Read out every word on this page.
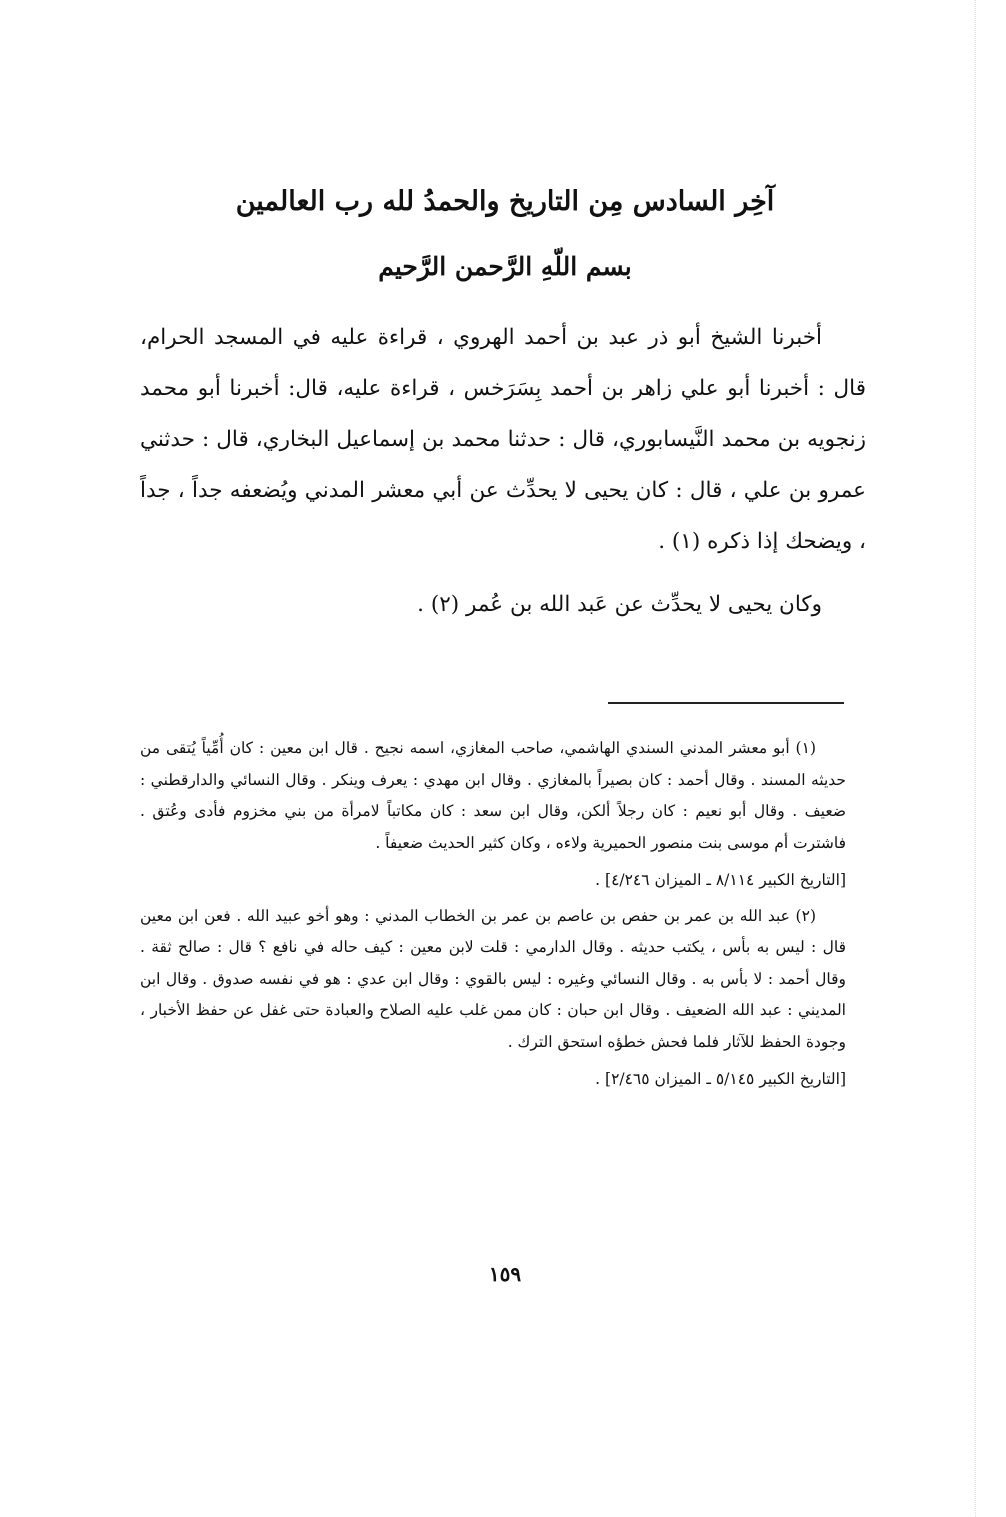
آخِر السادس مِن التاريخ والحمدُ لله رب العالمين
بسم اللّهِ الرَّحمن الرَّحيم

أخبرنا الشيخ أبو ذر عبد بن أحمد الهروي ، قراءة عليه في المسجد الحرام، قال : أخبرنا أبو علي زاهر بن أحمد بِسَرَخس ، قراءة عليه، قال: أخبرنا أبو محمد زنجويه بن محمد النَّيسابوري، قال : حدثنا محمد بن إسماعيل البخاري، قال : حدثني عمرو بن علي ، قال : كان يحيى لا يحدِّث عن أبي معشر المدني ويُضعفه جداً ، جداً ، ويضحك إذا ذكره (١) .

وكان يحيى لا يحدِّث عن عَبد الله بن عُمر (٢) .

(١) أبو معشر المدني السندي الهاشمي، صاحب المغازي، اسمه نجيح . قال ابن معين : كان أُمِّياً يُتقى من حديثه المسند . وقال أحمد : كان بصيراً بالمغازي . وقال ابن مهدي : يعرف وينكر . وقال النسائي والدارقطني : ضعيف . وقال أبو نعيم : كان رجلاً ألكن، وقال ابن سعد : كان مكاتباً لامرأة من بني مخزوم فأدى وعُتق . فاشترت أم موسى بنت منصور الحميرية ولاءه ، وكان كثير الحديث ضعيفاً .

[التاريخ الكبير ٨/١١٤ ـ الميزان ٤/٢٤٦] .

(٢) عبد الله بن عمر بن حفص بن عاصم بن عمر بن الخطاب المدني : وهو أخو عبيد الله . فعن ابن معين قال : ليس به بأس ، يكتب حديثه . وقال الدارمي : قلت لابن معين : كيف حاله في نافع ؟ قال : صالح ثقة . وقال أحمد : لا بأس به . وقال النسائي وغيره : ليس بالقوي : وقال ابن عدي : هو في نفسه صدوق . وقال ابن المديني : عبد الله الضعيف . وقال ابن حبان : كان ممن غلب عليه الصلاح والعبادة حتى غفل عن حفظ الأخبار ، وجودة الحفظ للآثار فلما فحش خطؤه استحق الترك .

[التاريخ الكبير ٥/١٤٥ ـ الميزان ٢/٤٦٥] .

١٥٩
